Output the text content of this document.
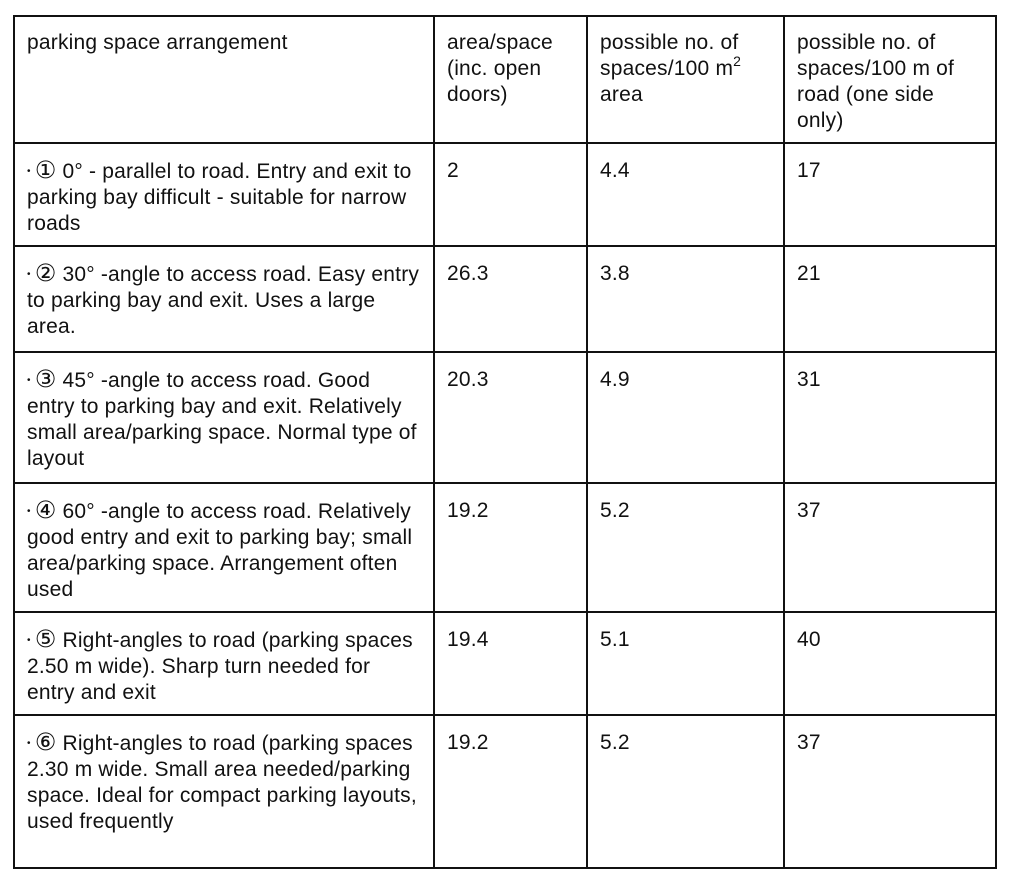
parking space arrangement	area/space (inc. open doors)	possible no. of spaces/100 $m^2$ area	possible no. of spaces/100 m of road (one side only)
• ① 0° - parallel to road. Entry and exit to parking bay difficult - suitable for narrow roads	2	4.4	17
• ② 30° -angle to access road. Easy entry to parking bay and exit. Uses a large area.	26.3	3.8	21
• ③ 45° -angle to access road. Good entry to parking bay and exit. Relatively small area/parking space. Normal type of layout	20.3	4.9	31
• ④ 60° -angle to access road. Relatively good entry and exit to parking bay; small area/parking space. Arrangement often used	19.2	5.2	37
• ⑤ Right-angles to road (parking spaces 2.50 m wide). Sharp turn needed for entry and exit	19.4	5.1	40
• ⑥ Right-angles to road (parking spaces 2.30 m wide. Small area needed/parking space. Ideal for compact parking layouts, used frequently	19.2	5.2	37
